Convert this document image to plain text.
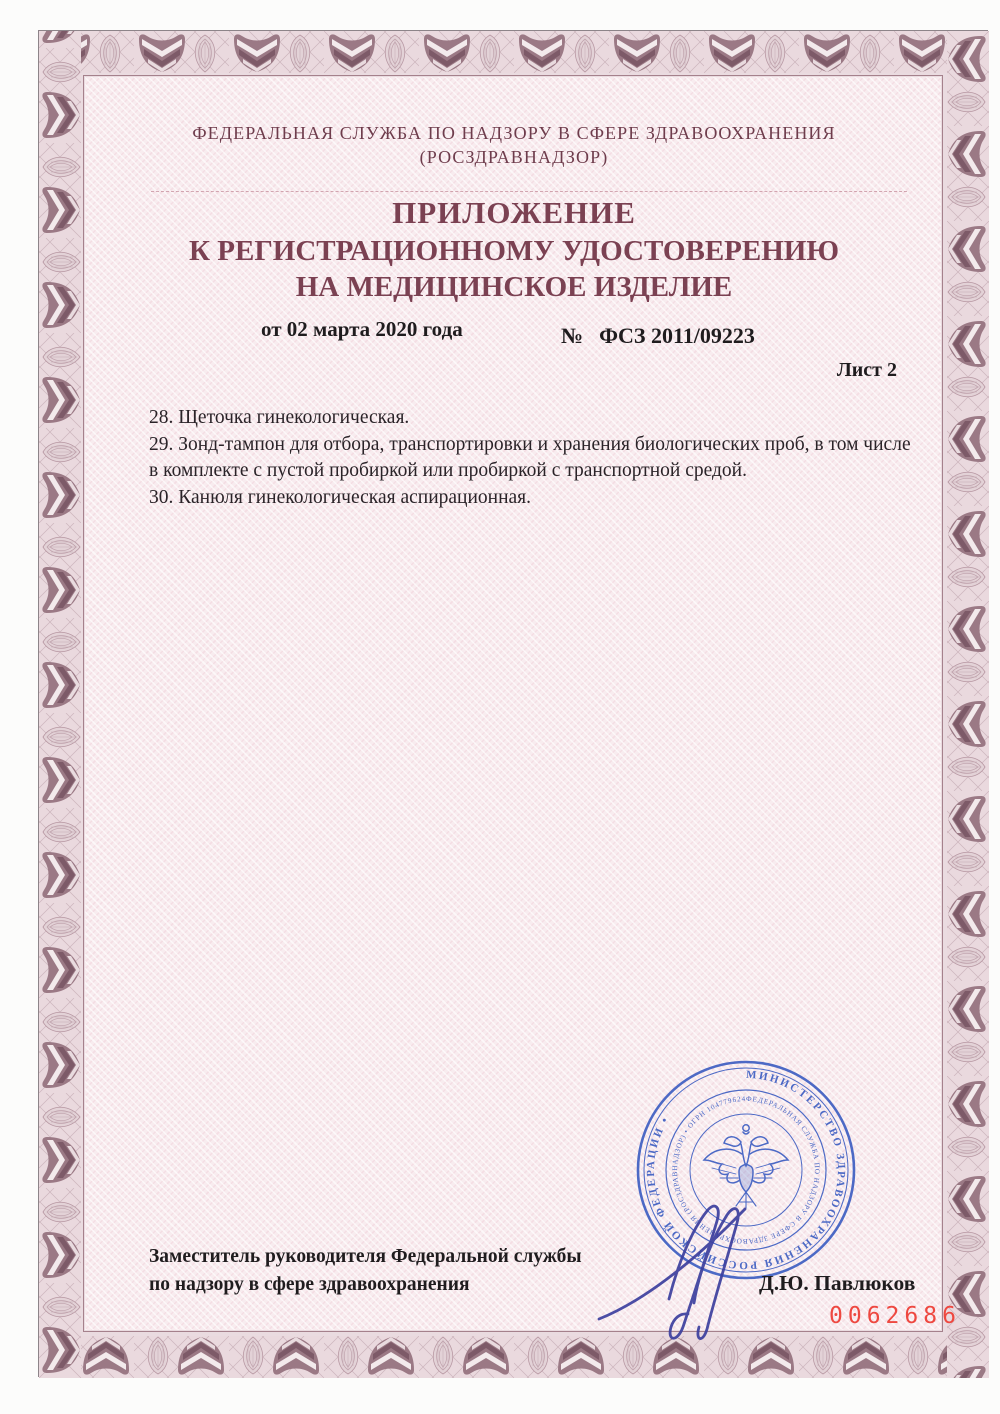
ФЕДЕРАЛЬНАЯ СЛУЖБА ПО НАДЗОРУ В СФЕРЕ ЗДРАВООХРАНЕНИЯ
(РОСЗДРАВНАДЗОР)
ПРИЛОЖЕНИЕ
К РЕГИСТРАЦИОННОМУ УДОСТОВЕРЕНИЮ
НА МЕДИЦИНСКОЕ ИЗДЕЛИЕ
от 02 марта 2020 года	№ ФСЗ 2011/09223
Лист 2
28. Щеточка гинекологическая.
29. Зонд-тампон для отбора, транспортировки и хранения биологических проб, в том числе в комплекте с пустой пробиркой или пробиркой с транспортной средой.
30. Канюля гинекологическая аспирационная.
МИНИСТЕРСТВО ЗДРАВООХРАНЕНИЯ РОССИЙСКОЙ ФЕДЕРАЦИИ •
ФЕДЕРАЛЬНАЯ СЛУЖБА ПО НАДЗОРУ В СФЕРЕ ЗДРАВООХРАНЕНИЯ (РОСЗДРАВНАДЗОР) • ОГРН 1047796244396
Заместитель руководителя Федеральной службы
по надзору в сфере здравоохранения	Д.Ю. Павлюков
0062686
